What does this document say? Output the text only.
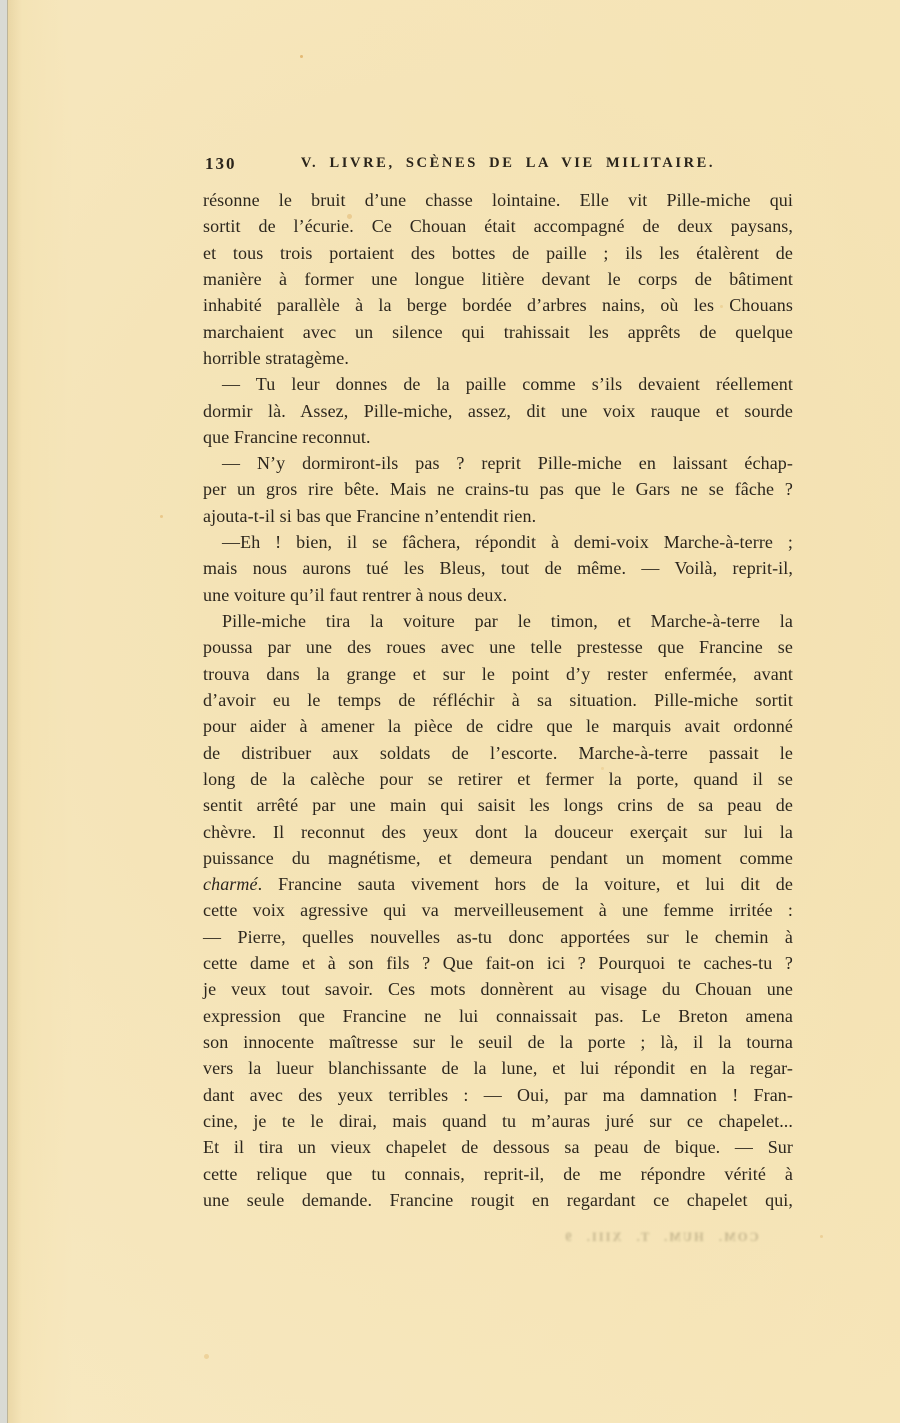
130	V. LIVRE, SCÈNES DE LA VIE MILITAIRE.
résonne le bruit d’une chasse lointaine. Elle vit Pille-miche qui
sortit de l’écurie. Ce Chouan était accompagné de deux paysans,
et tous trois portaient des bottes de paille ; ils les étalèrent de
manière à former une longue litière devant le corps de bâtiment
inhabité parallèle à la berge bordée d’arbres nains, où les Chouans
marchaient avec un silence qui trahissait les apprêts de quelque
horrible stratagème.
— Tu leur donnes de la paille comme s’ils devaient réellement
dormir là. Assez, Pille-miche, assez, dit une voix rauque et sourde
que Francine reconnut.
— N’y dormiront-ils pas ? reprit Pille-miche en laissant échap-
per un gros rire bête. Mais ne crains-tu pas que le Gars ne se fâche ?
ajouta-t-il si bas que Francine n’entendit rien.
—Eh ! bien, il se fâchera, répondit à demi-voix Marche-à-terre ;
mais nous aurons tué les Bleus, tout de même. — Voilà, reprit-il,
une voiture qu’il faut rentrer à nous deux.
Pille-miche tira la voiture par le timon, et Marche-à-terre la
poussa par une des roues avec une telle prestesse que Francine se
trouva dans la grange et sur le point d’y rester enfermée, avant
d’avoir eu le temps de réfléchir à sa situation. Pille-miche sortit
pour aider à amener la pièce de cidre que le marquis avait ordonné
de distribuer aux soldats de l’escorte. Marche-à-terre passait le
long de la calèche pour se retirer et fermer la porte, quand il se
sentit arrêté par une main qui saisit les longs crins de sa peau de
chèvre. Il reconnut des yeux dont la douceur exerçait sur lui la
puissance du magnétisme, et demeura pendant un moment comme
charmé. Francine sauta vivement hors de la voiture, et lui dit de
cette voix agressive qui va merveilleusement à une femme irritée :
— Pierre, quelles nouvelles as-tu donc apportées sur le chemin à
cette dame et à son fils ? Que fait-on ici ? Pourquoi te caches-tu ?
je veux tout savoir. Ces mots donnèrent au visage du Chouan une
expression que Francine ne lui connaissait pas. Le Breton amena
son innocente maîtresse sur le seuil de la porte ; là, il la tourna
vers la lueur blanchissante de la lune, et lui répondit en la regar-
dant avec des yeux terribles : — Oui, par ma damnation ! Fran-
cine, je te le dirai, mais quand tu m’auras juré sur ce chapelet...
Et il tira un vieux chapelet de dessous sa peau de bique. — Sur
cette relique que tu connais, reprit-il, de me répondre vérité à
une seule demande. Francine rougit en regardant ce chapelet qui,
COM. HUM. T. XIII. 9
